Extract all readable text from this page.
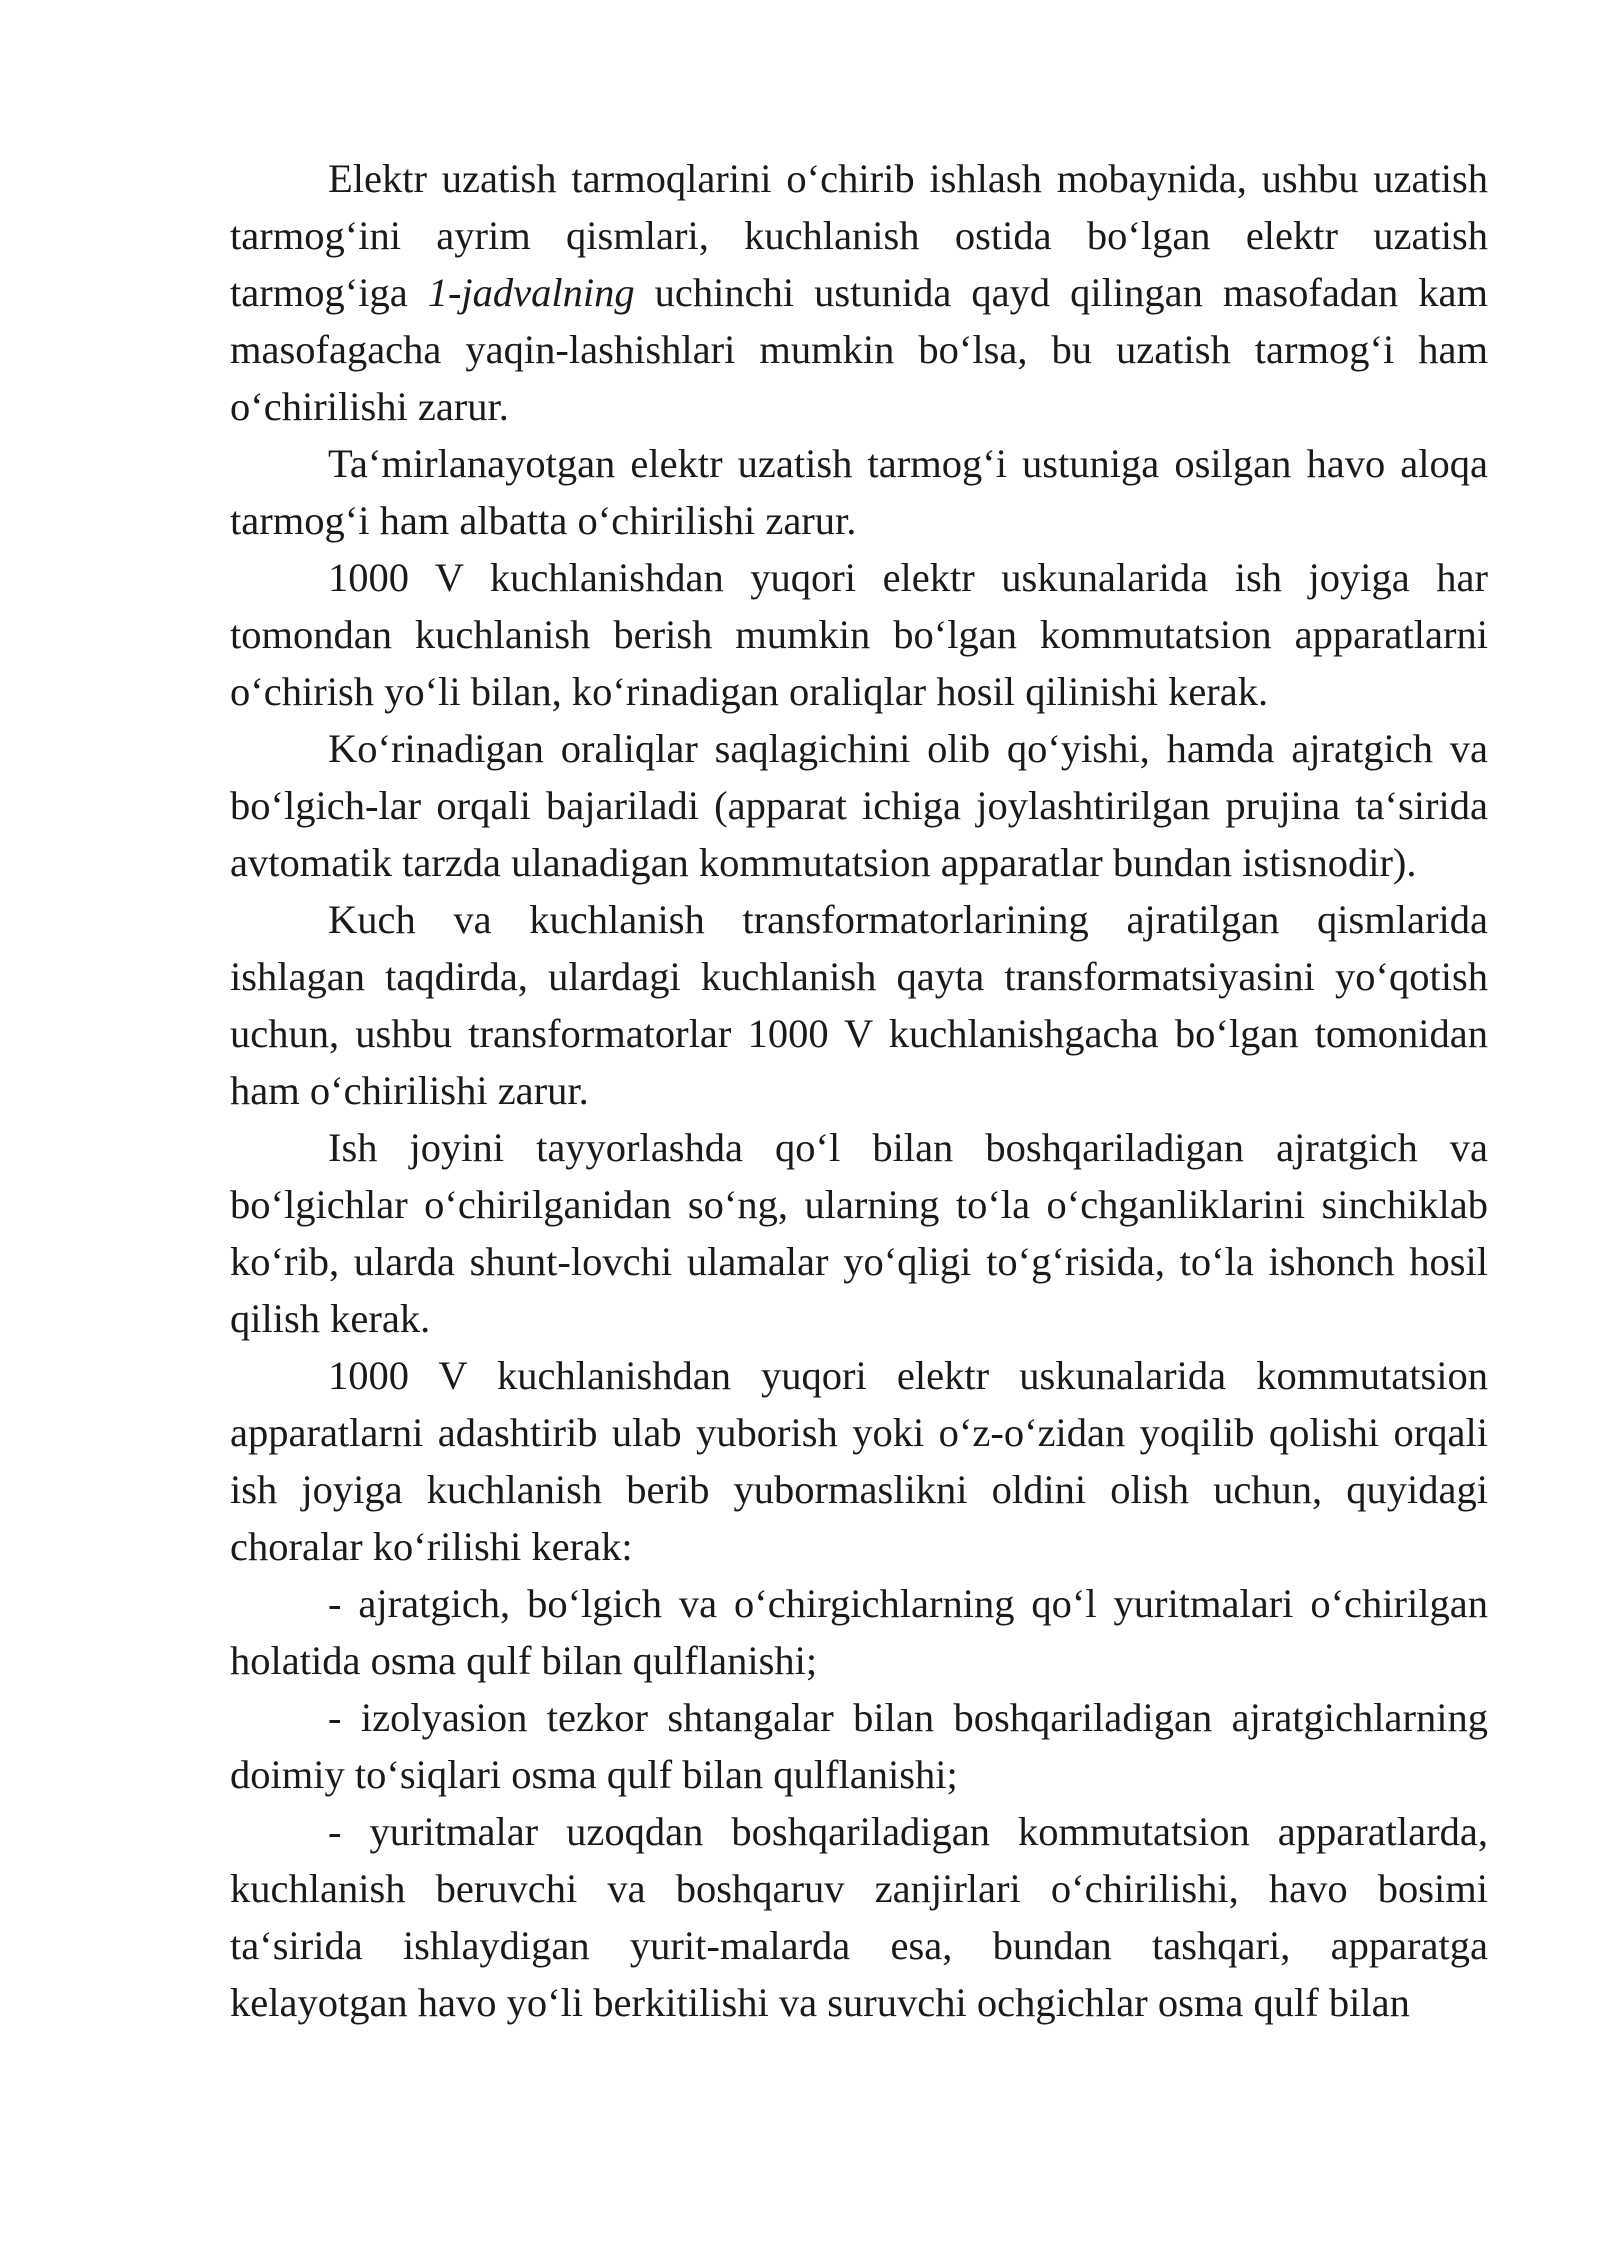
Elektr uzatish tarmoqlarini o‘chirib ishlash mobaynida, ushbu uzatish tarmog‘ini ayrim qismlari, kuchlanish ostida bo‘lgan elektr uzatish tarmog‘iga 1-jadvalning uchinchi ustunida qayd qilingan masofadan kam masofagacha yaqin-lashishlari mumkin bo‘lsa, bu uzatish tarmog‘i ham o‘chirilishi zarur.

Ta‘mirlanayotgan elektr uzatish tarmog‘i ustuniga osilgan havo aloqa tarmog‘i ham albatta o‘chirilishi zarur.

1000 V kuchlanishdan yuqori elektr uskunalarida ish joyiga har tomondan kuchlanish berish mumkin bo‘lgan kommutatsion apparatlarni o‘chirish yo‘li bilan, ko‘rinadigan oraliqlar hosil qilinishi kerak.

Ko‘rinadigan oraliqlar saqlagichini olib qo‘yishi, hamda ajratgich va bo‘lgich-lar orqali bajariladi (apparat ichiga joylashtirilgan prujina ta‘sirida avtomatik tarzda ulanadigan kommutatsion apparatlar bundan istisnodir).

Kuch va kuchlanish transformatorlarining ajratilgan qismlarida ishlagan taqdirda, ulardagi kuchlanish qayta transformatsiyasini yo‘qotish uchun, ushbu transformatorlar 1000 V kuchlanishgacha bo‘lgan tomonidan ham o‘chirilishi zarur.

Ish joyini tayyorlashda qo‘l bilan boshqariladigan ajratgich va bo‘lgichlar o‘chirilganidan so‘ng, ularning to‘la o‘chganliklarini sinchiklab ko‘rib, ularda shunt-lovchi ulamalar yo‘qligi to‘g‘risida, to‘la ishonch hosil qilish kerak.

1000 V kuchlanishdan yuqori elektr uskunalarida kommutatsion apparatlarni adashtirib ulab yuborish yoki o‘z-o‘zidan yoqilib qolishi orqali ish joyiga kuchlanish berib yubormaslikni oldini olish uchun, quyidagi choralar ko‘rilishi kerak:

- ajratgich, bo‘lgich va o‘chirgichlarning qo‘l yuritmalari o‘chirilgan holatida osma qulf bilan qulflanishi;

- izolyasion tezkor shtangalar bilan boshqariladigan ajratgichlarning doimiy to‘siqlari osma qulf bilan qulflanishi;

- yuritmalar uzoqdan boshqariladigan kommutatsion apparatlarda, kuchlanish beruvchi va boshqaruv zanjirlari o‘chirilishi, havo bosimi ta‘sirida ishlaydigan yurit-malarda esa, bundan tashqari, apparatga kelayotgan havo yo‘li berkitilishi va suruvchi ochgichlar osma qulf bilan
